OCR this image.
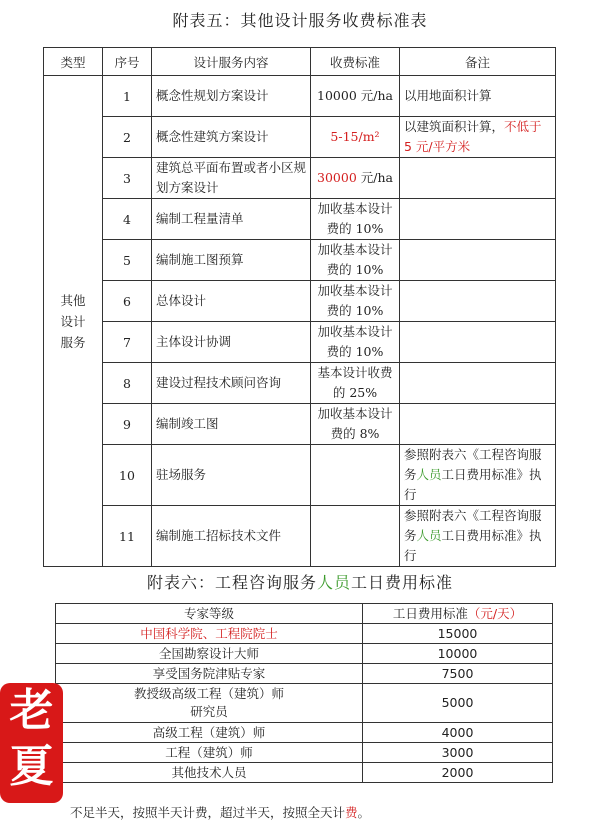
附表五：其他设计服务收费标准表
类型	序号	设计服务内容	收费标准	备注
其他
设计
服务	1	概念性规划方案设计	10000 元/ha	以用地面积计算
	2	概念性建筑方案设计	5-15/m²	以建筑面积计算，不低于 5 元/平方米
	3	建筑总平面布置或者小区规划方案设计	30000 元/ha	
	4	编制工程量清单	加收基本设计费的 10%	
	5	编制施工图预算	加收基本设计费的 10%	
	6	总体设计	加收基本设计费的 10%	
	7	主体设计协调	加收基本设计费的 10%	
	8	建设过程技术顾问咨询	基本设计收费的 25%	
	9	编制竣工图	加收基本设计费的 8%	
	10	驻场服务		参照附表六《工程咨询服务人员工日费用标准》执行
	11	编制施工招标技术文件		参照附表六《工程咨询服务人员工日费用标准》执行
附表六：工程咨询服务人员工日费用标准
专家等级	工日费用标准（元/天）
中国科学院、工程院院士	15000
全国勘察设计大师	10000
享受国务院津贴专家	7500

教授级高级工程（建筑）师
研究员	5000
高级工程（建筑）师	4000
工程（建筑）师	3000
其他技术人员	2000
不足半天，按照半天计费，超过半天，按照全天计费。
老
夏
